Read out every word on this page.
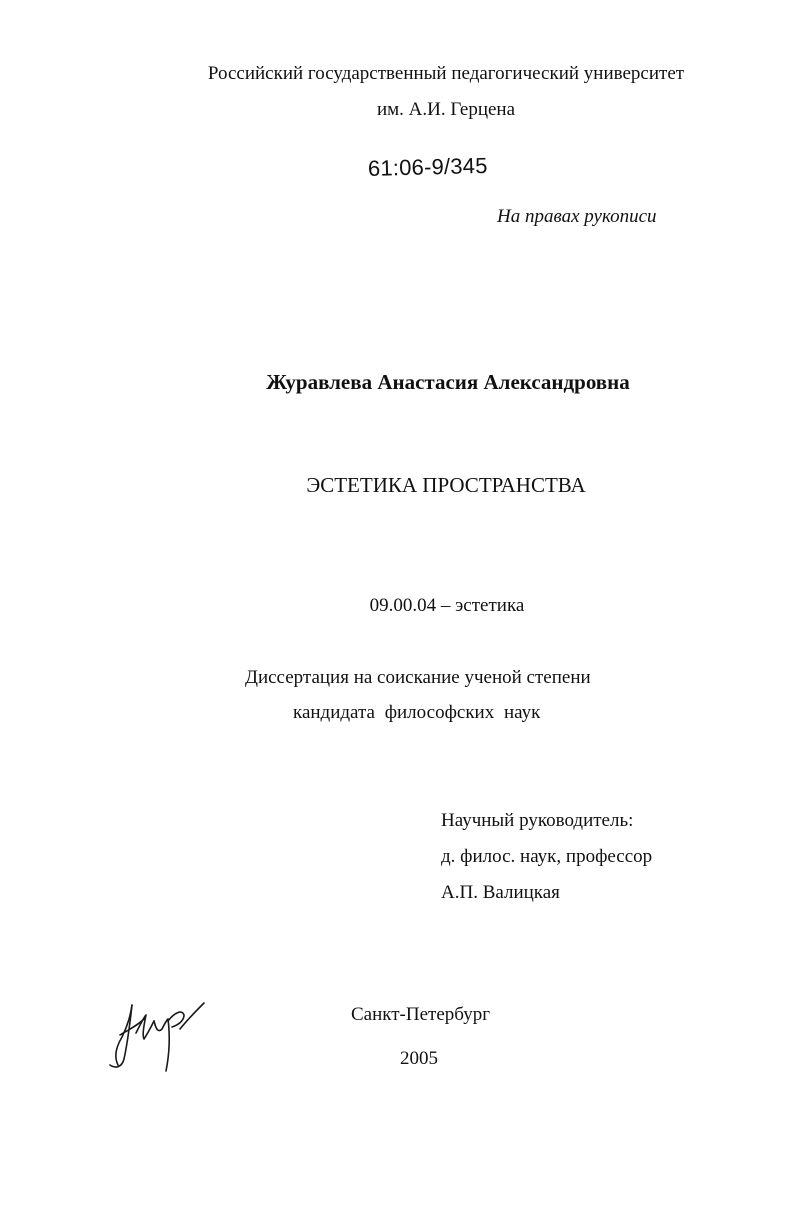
Российский государственный педагогический университет
им. А.И. Герцена
61:06-9/345
На правах рукописи
Журавлева Анастасия Александровна
ЭСТЕТИКА ПРОСТРАНСТВА
09.00.04 – эстетика
Диссертация на соискание ученой степени
кандидата философских наук
Научный руководитель:
д. филос. наук, профессор
А.П. Валицкая
Санкт-Петербург
2005
